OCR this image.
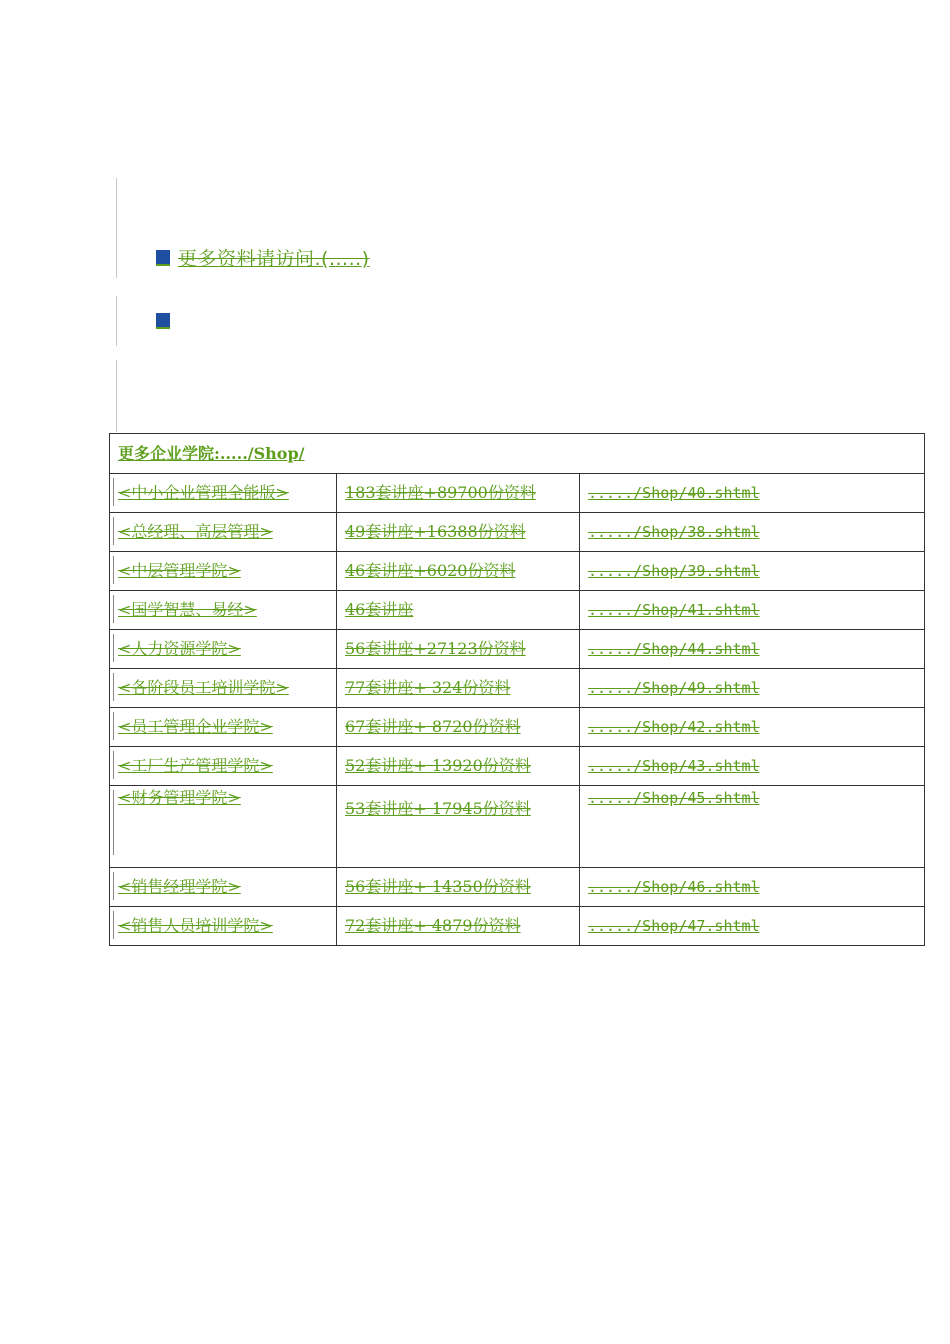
更多资料请访问.(.....)
更多企业学院:...../Shop/		

<中小企业管理全能版>	183套讲座+89700份资料	...../Shop/40.shtml

<总经理、高层管理>	49套讲座+16388份资料	...../Shop/38.shtml

<中层管理学院>	46套讲座+6020份资料	...../Shop/39.shtml

<国学智慧、易经>	46套讲座	...../Shop/41.shtml

<人力资源学院>	56套讲座+27123份资料	...../Shop/44.shtml

<各阶段员工培训学院>	77套讲座+ 324份资料	...../Shop/49.shtml

<员工管理企业学院>	67套讲座+ 8720份资料	...../Shop/42.shtml

<工厂生产管理学院>	52套讲座+ 13920份资料	...../Shop/43.shtml

<财务管理学院>	53套讲座+ 17945份资料	...../Shop/45.shtml

<销售经理学院>	56套讲座+ 14350份资料	...../Shop/46.shtml

<销售人员培训学院>	72套讲座+ 4879份资料	...../Shop/47.shtml
